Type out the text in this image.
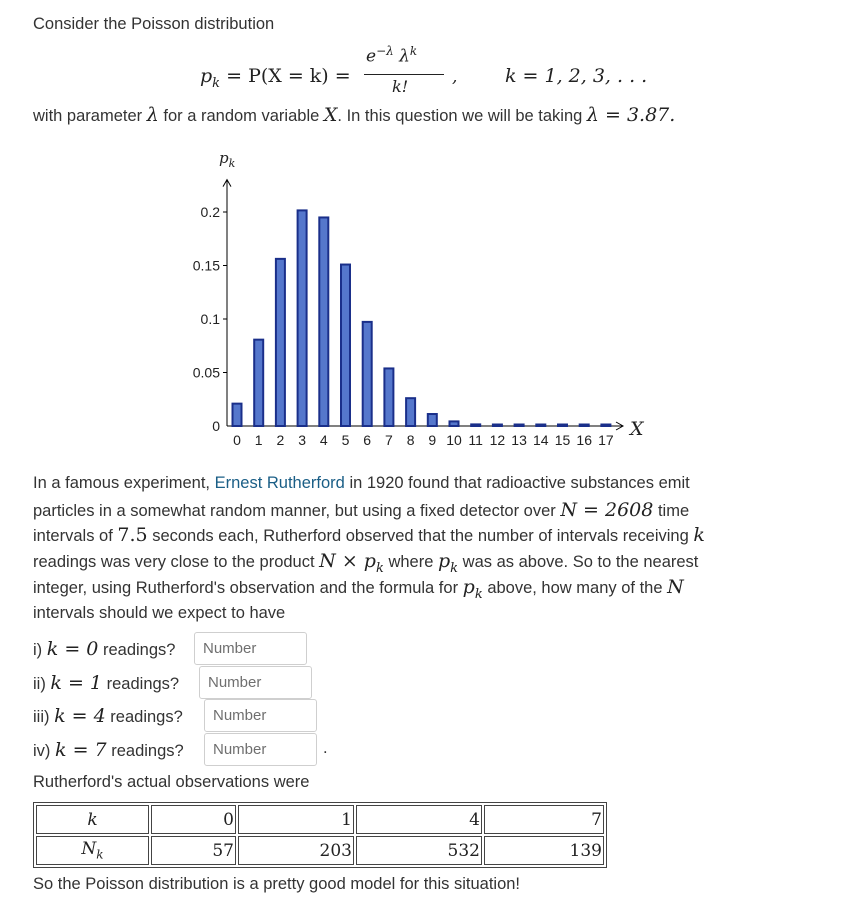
Consider the Poisson distribution
$p_k = P(X = k)$ =
$e^{-\lambda}$ $\lambda^k$
k!	,	k = 1, 2, 3, . . .
with parameter λ for a random variable X. In this question we will be taking λ = 3.87.
0
0.05
0.1
0.15
0.2
0 1 2 3 4 5 6 7 8 9 10 11 12 13 14 15 16 17
$p_k$
X
In a famous experiment, Ernest Rutherford in 1920 found that radioactive substances emit
particles in a somewhat random manner, but using a fixed detector over N = 2608 time
intervals of 7.5 seconds each, Rutherford observed that the number of intervals receiving k
readings was very close to the product $N \times p_k$ where $p_k$ was as above. So to the nearest
integer, using Rutherford's observation and the formula for $p_k$ above, how many of the N
intervals should we expect to have
i) k = 0 readings?
Number
ii) k = 1 readings?
Number
iii) k = 4 readings?
Number
iv) k = 7 readings?
Number	.
Rutherford's actual observations were
k	0	1	4	7
$N_k$	57	203	532	139
So the Poisson distribution is a pretty good model for this situation!
